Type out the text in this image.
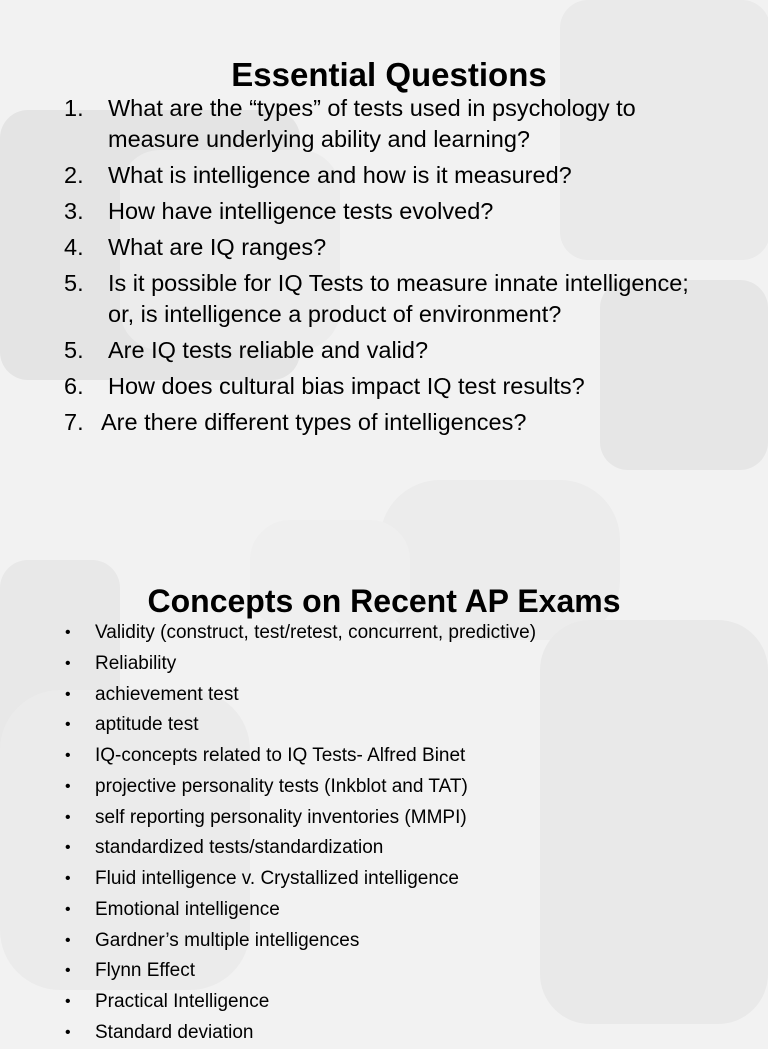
Essential Questions
1. What are the “types” of tests used in psychology to measure underlying ability and learning?
2. What is intelligence and how is it measured?
3. How have intelligence tests evolved?
4. What are IQ ranges?
5. Is it possible for IQ Tests to measure innate intelligence; or, is intelligence a product of environment?
5. Are IQ tests reliable and valid?
6. How does cultural bias impact IQ test results?
7. Are there different types of intelligences?
Concepts on Recent AP Exams
• Validity (construct, test/retest, concurrent, predictive)
• Reliability
• achievement test
• aptitude test
• IQ-concepts related to IQ Tests- Alfred Binet
• projective personality tests (Inkblot and TAT)
• self reporting personality inventories (MMPI)
• standardized tests/standardization
• Fluid intelligence v. Crystallized intelligence
• Emotional intelligence
• Gardner’s multiple intelligences
• Flynn Effect
• Practical Intelligence
• Standard deviation
